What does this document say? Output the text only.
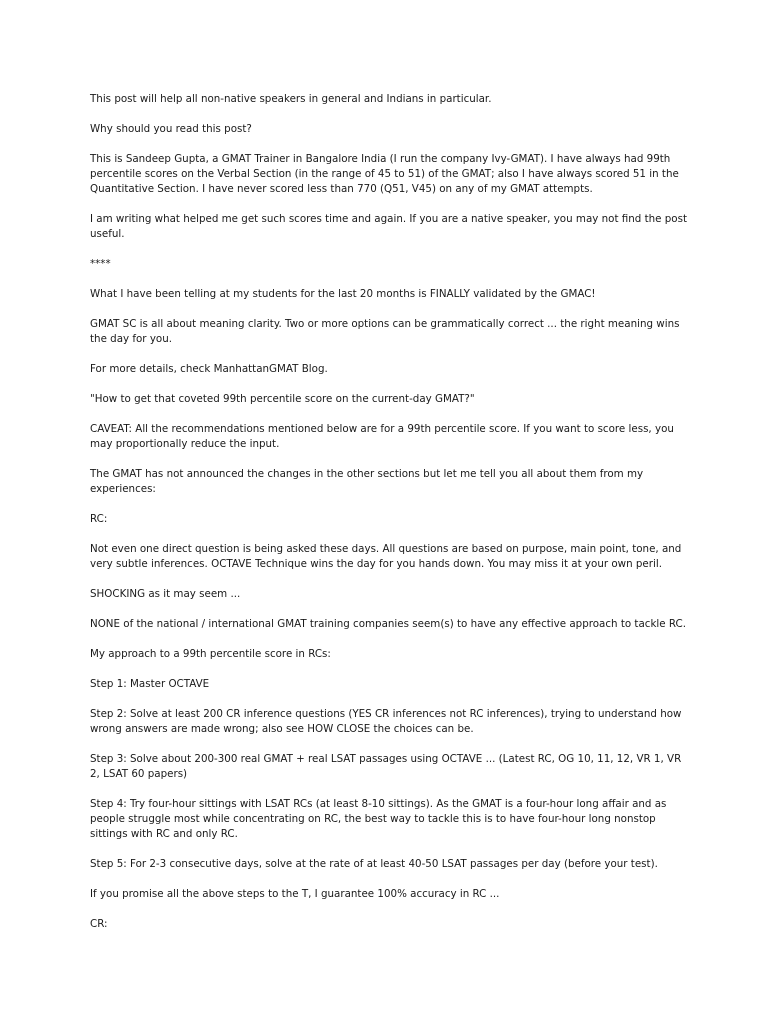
This post will help all non-native speakers in general and Indians in particular.

Why should you read this post?

This is Sandeep Gupta, a GMAT Trainer in Bangalore India (I run the company Ivy-GMAT). I have always had 99th percentile scores on the Verbal Section (in the range of 45 to 51) of the GMAT; also I have always scored 51 in the Quantitative Section. I have never scored less than 770 (Q51, V45) on any of my GMAT attempts.

I am writing what helped me get such scores time and again. If you are a native speaker, you may not find the post useful.

****

What I have been telling at my students for the last 20 months is FINALLY validated by the GMAC!

GMAT SC is all about meaning clarity. Two or more options can be grammatically correct ... the right meaning wins the day for you.

For more details, check ManhattanGMAT Blog.

"How to get that coveted 99th percentile score on the current-day GMAT?"

CAVEAT: All the recommendations mentioned below are for a 99th percentile score. If you want to score less, you may proportionally reduce the input.

The GMAT has not announced the changes in the other sections but let me tell you all about them from my experiences:

RC:

Not even one direct question is being asked these days. All questions are based on purpose, main point, tone, and very subtle inferences. OCTAVE Technique wins the day for you hands down. You may miss it at your own peril.

SHOCKING as it may seem ...

NONE of the national / international GMAT training companies seem(s) to have any effective approach to tackle RC.

My approach to a 99th percentile score in RCs:

Step 1: Master OCTAVE

Step 2: Solve at least 200 CR inference questions (YES CR inferences not RC inferences), trying to understand how wrong answers are made wrong; also see HOW CLOSE the choices can be.

Step 3: Solve about 200-300 real GMAT + real LSAT passages using OCTAVE ... (Latest RC, OG 10, 11, 12, VR 1, VR 2, LSAT 60 papers)

Step 4: Try four-hour sittings with LSAT RCs (at least 8-10 sittings). As the GMAT is a four-hour long affair and as people struggle most while concentrating on RC, the best way to tackle this is to have four-hour long nonstop sittings with RC and only RC.

Step 5: For 2-3 consecutive days, solve at the rate of at least 40-50 LSAT passages per day (before your test).

If you promise all the above steps to the T, I guarantee 100% accuracy in RC ...

CR:
